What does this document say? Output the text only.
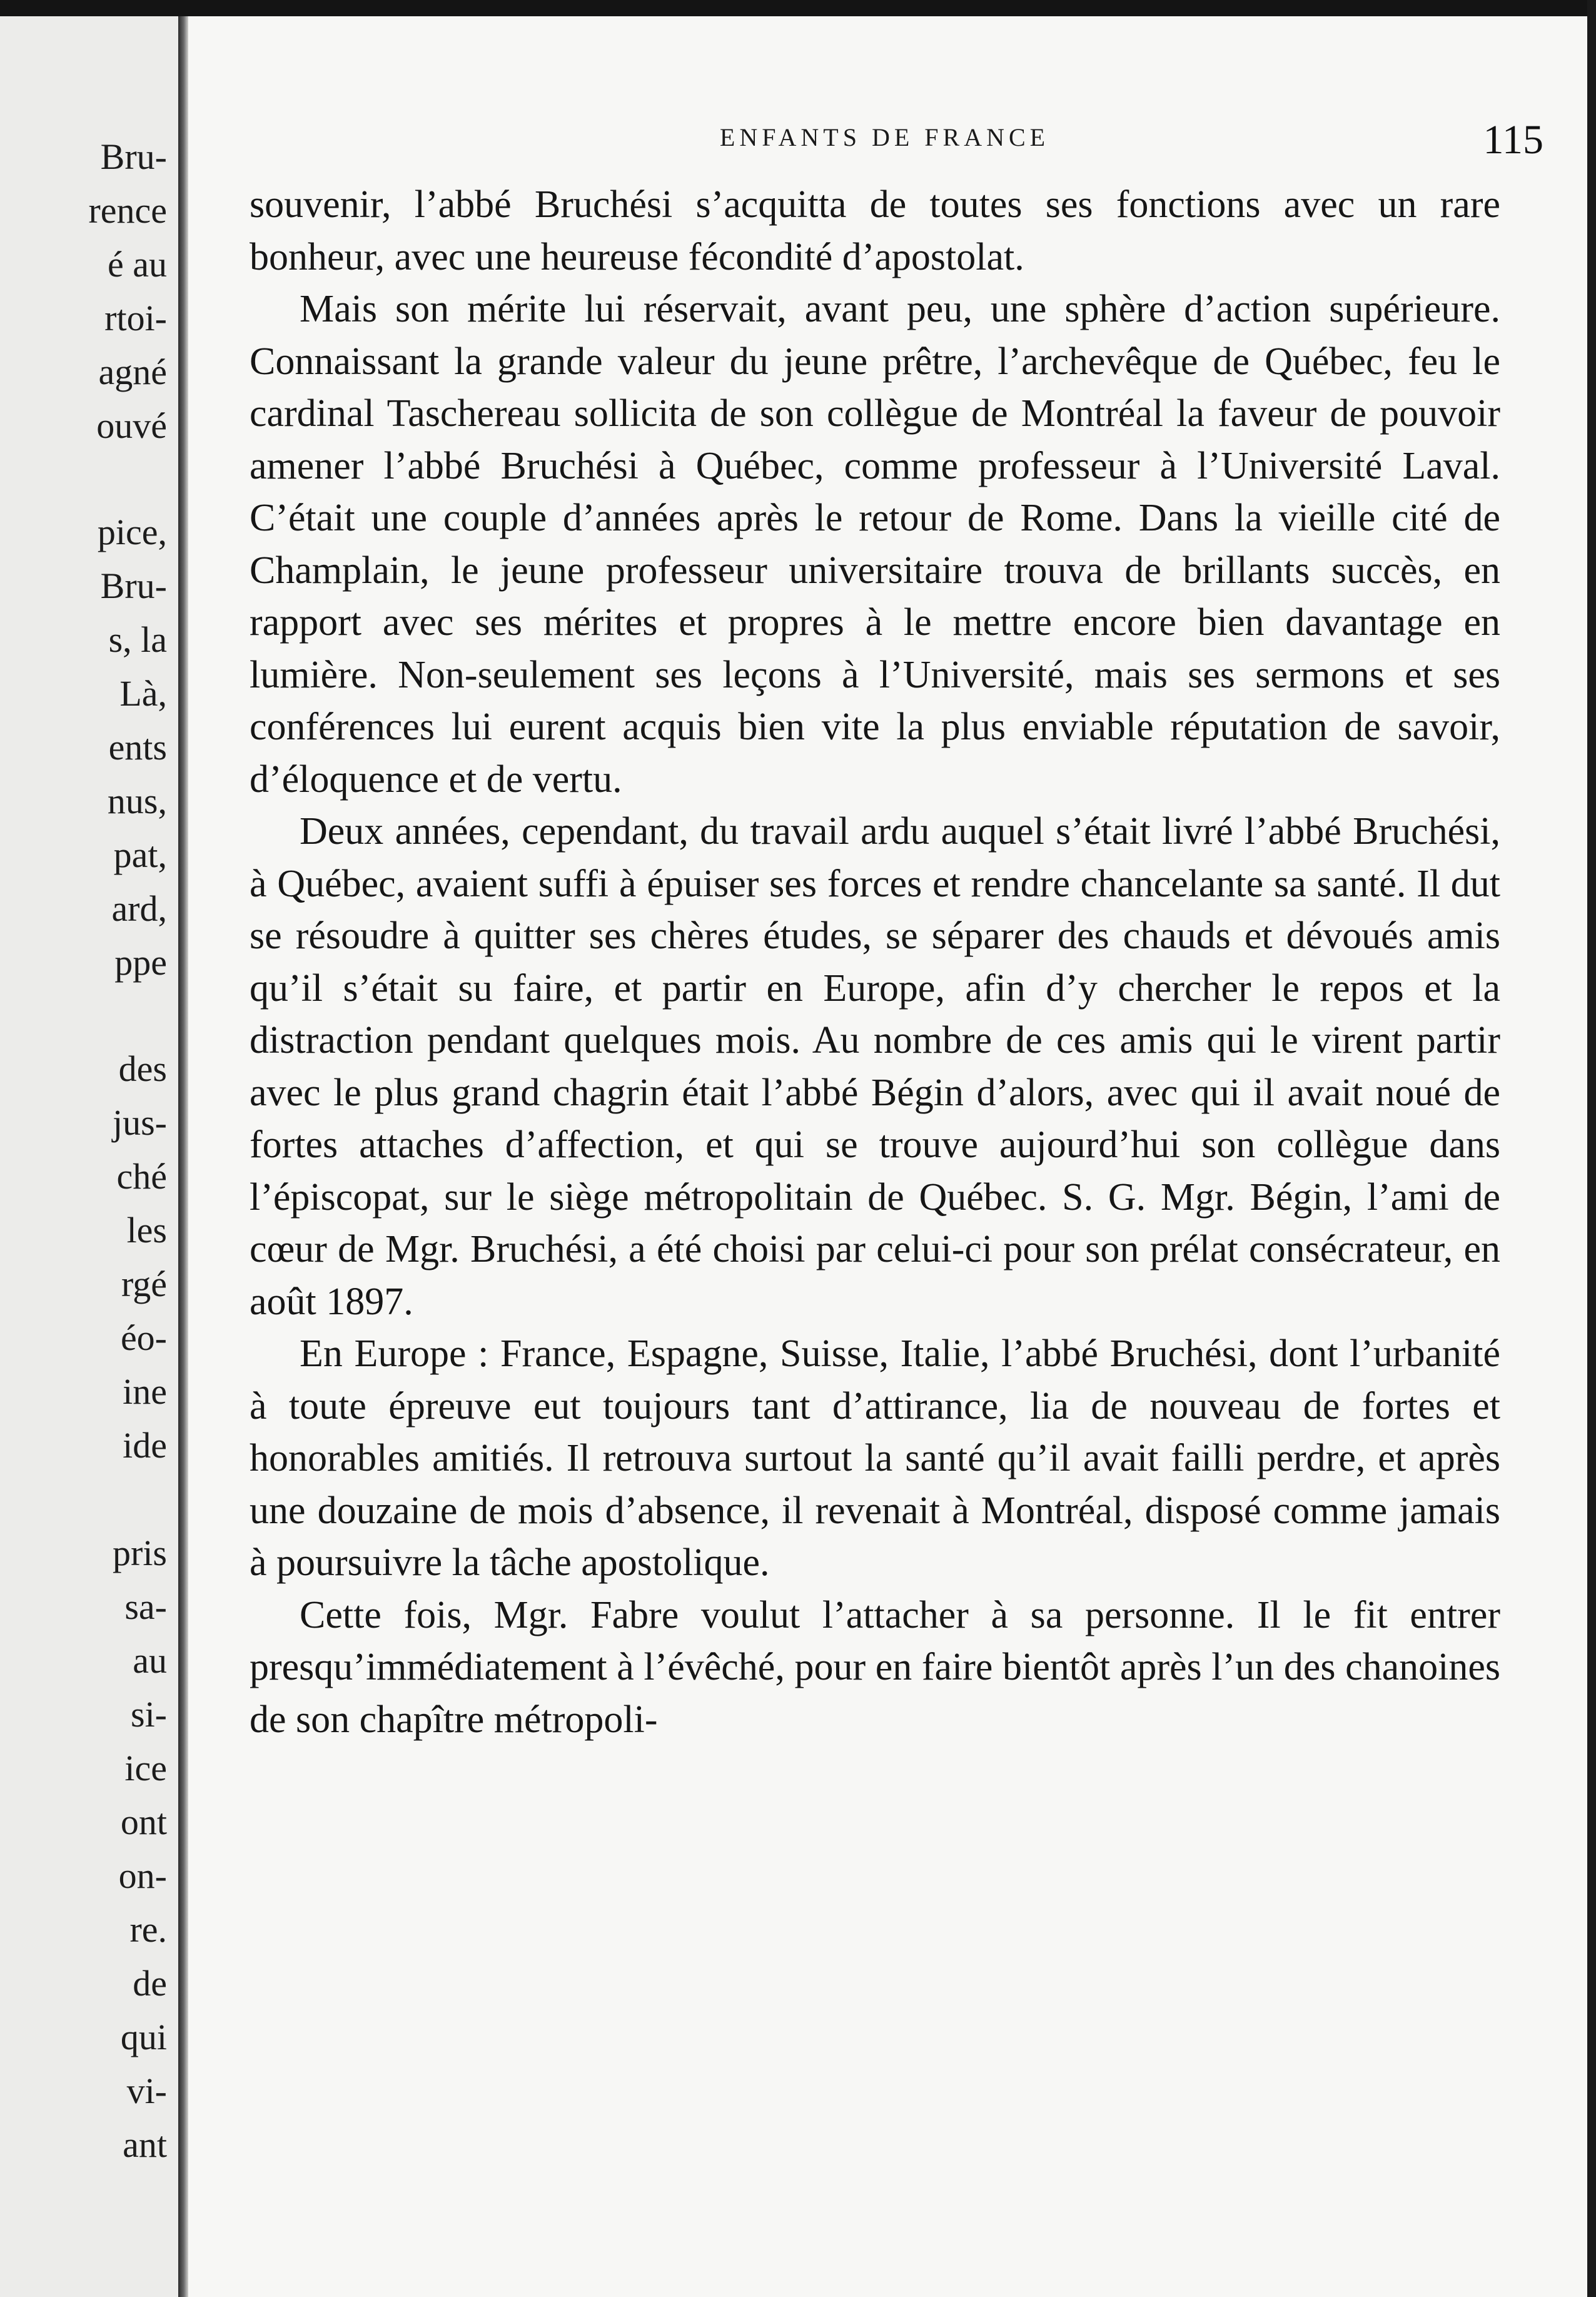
Bru-
rence
é au
rtoi-
agné
ouvé
pice,
Bru-
s, la
Là,
ents
nus,
pat,
ard,
ppe
des
jus-
ché
les
rgé
éo-
ine
ide
pris
sa-
au
si-
ice
ont
on-
re.
de
qui
vi-
ant
ENFANTS DE FRANCE	115

souvenir, l’abbé Bruchési s’acquitta de toutes ses fonctions avec un rare bonheur, avec une heureuse fécondité d’apostolat.

Mais son mérite lui réservait, avant peu, une sphère d’action supérieure. Connaissant la grande valeur du jeune prêtre, l’archevêque de Québec, feu le cardinal Taschereau sollicita de son collègue de Montréal la faveur de pouvoir amener l’abbé Bruchési à Québec, comme professeur à l’Université Laval. C’était une couple d’années après le retour de Rome. Dans la vieille cité de Champlain, le jeune professeur universitaire trouva de brillants succès, en rapport avec ses mérites et propres à le mettre encore bien davantage en lumière. Non-seulement ses leçons à l’Université, mais ses sermons et ses conférences lui eurent acquis bien vite la plus enviable réputation de savoir, d’éloquence et de vertu.

Deux années, cependant, du travail ardu auquel s’était livré l’abbé Bruchési, à Québec, avaient suffi à épuiser ses forces et rendre chancelante sa santé. Il dut se résoudre à quitter ses chères études, se séparer des chauds et dévoués amis qu’il s’était su faire, et partir en Europe, afin d’y chercher le repos et la distraction pendant quelques mois. Au nombre de ces amis qui le virent partir avec le plus grand chagrin était l’abbé Bégin d’alors, avec qui il avait noué de fortes attaches d’affection, et qui se trouve aujourd’hui son collègue dans l’épiscopat, sur le siège métropolitain de Québec. S. G. Mgr. Bégin, l’ami de cœur de Mgr. Bruchési, a été choisi par celui-ci pour son prélat consécrateur, en août 1897.

En Europe : France, Espagne, Suisse, Italie, l’abbé Bruchési, dont l’urbanité à toute épreuve eut toujours tant d’attirance, lia de nouveau de fortes et honorables amitiés. Il retrouva surtout la santé qu’il avait failli perdre, et après une douzaine de mois d’absence, il revenait à Montréal, disposé comme jamais à poursuivre la tâche apostolique.

Cette fois, Mgr. Fabre voulut l’attacher à sa personne. Il le fit entrer presqu’immédiatement à l’évêché, pour en faire bientôt après l’un des chanoines de son chapître métropoli-
